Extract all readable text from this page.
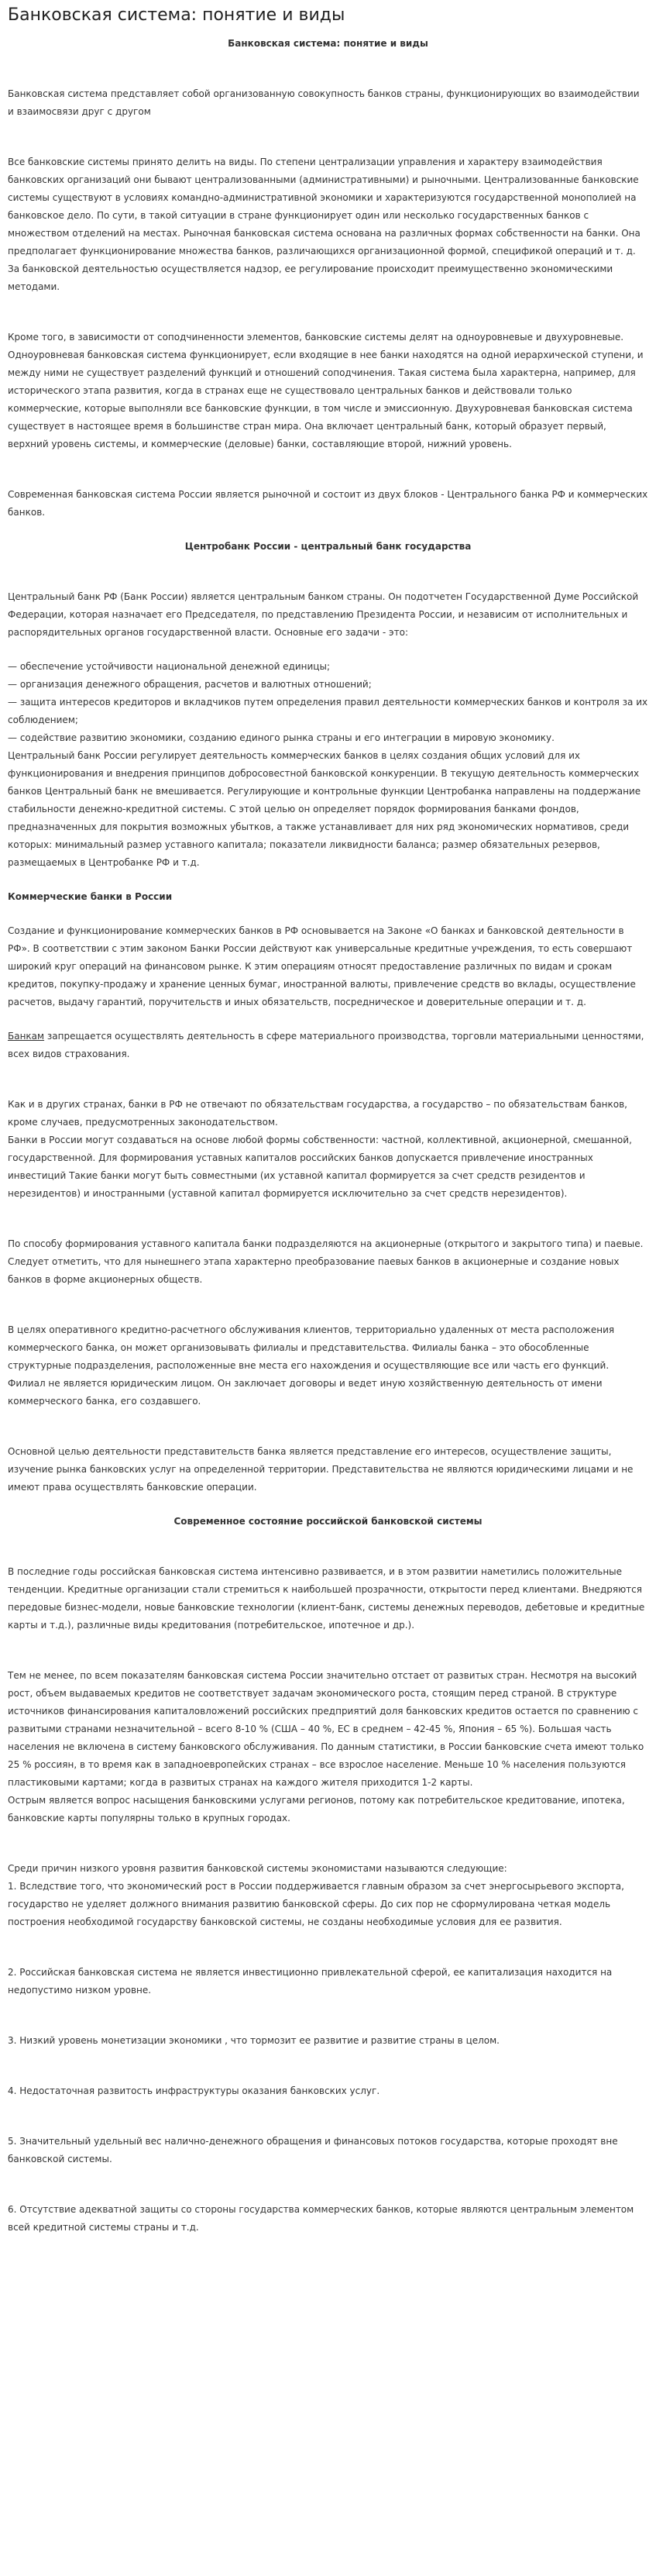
Банковская система: понятие и виды
Банковская система: понятие и виды

Банковская система представляет собой организованную совокупность банков страны, функционирующих во взаимодействии и взаимосвязи друг с другом

Все банковские системы принято делить на виды. По степени централизации управления и характеру взаимодействия банковских организаций они бывают централизованными (административными) и рыночными. Централизованные банковские системы существуют в условиях командно-административной экономики и характеризуются государственной монополией на банковское дело. По сути, в такой ситуации в стране функционирует один или несколько государственных банков с множеством отделений на местах. Рыночная банковская система основана на различных формах собственности на банки. Она предполагает функционирование множества банков, различающихся организационной формой, спецификой операций и т. д. За банковской деятельностью осуществляется надзор, ее регулирование происходит преимущественно экономическими методами.

Кроме того, в зависимости от соподчиненности элементов, банковские системы делят на одноуровневые и двухуровневые. Одноуровневая банковская система функционирует, если входящие в нее банки находятся на одной иерархической ступени, и между ними не существует разделений функций и отношений соподчинения. Такая система была характерна, например, для исторического этапа развития, когда в странах еще не существовало центральных банков и действовали только коммерческие, которые выполняли все банковские функции, в том числе и эмиссионную. Двухуровневая банковская система существует в настоящее время в большинстве стран мира. Она включает центральный банк, который образует первый, верхний уровень системы, и коммерческие (деловые) банки, составляющие второй, нижний уровень.

Современная банковская система России является рыночной и состоит из двух блоков - Центрального банка РФ и коммерческих банков.

Центробанк России - центральный банк государства

Центральный банк РФ (Банк России) является центральным банком страны. Он подотчетен Государственной Думе Российской Федерации, которая назначает его Председателя, по представлению Президента России, и независим от исполнительных и распорядительных органов государственной власти. Основные его задачи - это:

— обеспечение устойчивости национальной денежной единицы;

— организация денежного обращения, расчетов и валютных отношений;

— защита интересов кредиторов и вкладчиков путем определения правил деятельности коммерческих банков и контроля за их соблюдением;

— содействие развитию экономики, созданию единого рынка страны и его интеграции в мировую экономику.

Центральный банк России регулирует деятельность коммерческих банков в целях создания общих условий для их функционирования и внедрения принципов добросовестной банковской конкуренции. В текущую деятельность коммерческих банков Центральный банк не вмешивается. Регулирующие и контрольные функции Центробанка направлены на поддержание стабильности денежно-кредитной системы. С этой целью он определяет порядок формирования банками фондов, предназначенных для покрытия возможных убытков, а также устанавливает для них ряд экономических нормативов, среди которых: минимальный размер уставного капитала; показатели ликвидности баланса; размер обязательных резервов, размещаемых в Центробанке РФ и т.д.

Коммерческие банки в России

Создание и функционирование коммерческих банков в РФ основывается на Законе «О банках и банковской деятельности в РФ». В соответствии с этим законом Банки России действуют как универсальные кредитные учреждения, то есть совершают широкий круг операций на финансовом рынке. К этим операциям относят предоставление различных по видам и срокам кредитов, покупку-продажу и хранение ценных бумаг, иностранной валюты, привлечение средств во вклады, осуществление расчетов, выдачу гарантий, поручительств и иных обязательств, посредническое и доверительные операции и т. д.

Банкам запрещается осуществлять деятельность в сфере материального производства, торговли материальными ценностями, всех видов страхования.

Как и в других странах, банки в РФ не отвечают по обязательствам государства, а государство – по обязательствам банков, кроме случаев, предусмотренных законодательством.

Банки в России могут создаваться на основе любой формы собственности: частной, коллективной, акционерной, смешанной, государственной. Для формирования уставных капиталов российских банков допускается привлечение иностранных инвестиций Такие банки могут быть совместными (их уставной капитал формируется за счет средств резидентов и нерезидентов) и иностранными (уставной капитал формируется исключительно за счет средств нерезидентов).

По способу формирования уставного капитала банки подразделяются на акционерные (открытого и закрытого типа) и паевые. Следует отметить, что для нынешнего этапа характерно преобразование паевых банков в акционерные и создание новых банков в форме акционерных обществ.

В целях оперативного кредитно-расчетного обслуживания клиентов, территориально удаленных от места расположения коммерческого банка, он может организовывать филиалы и представительства. Филиалы банка – это обособленные структурные подразделения, расположенные вне места его нахождения и осуществляющие все или часть его функций. Филиал не является юридическим лицом. Он заключает договоры и ведет иную хозяйственную деятельность от имени коммерческого банка, его создавшего.

Основной целью деятельности представительств банка является представление его интересов, осуществление защиты, изучение рынка банковских услуг на определенной территории. Представительства не являются юридическими лицами и не имеют права осуществлять банковские операции.

Современное состояние российской банковской системы

В последние годы российская банковская система интенсивно развивается, и в этом развитии наметились положительные тенденции. Кредитные организации стали стремиться к наибольшей прозрачности, открытости перед клиентами. Внедряются передовые бизнес-модели, новые банковские технологии (клиент-банк, системы денежных переводов, дебетовые и кредитные карты и т.д.), различные виды кредитования (потребительское, ипотечное и др.).

Тем не менее, по всем показателям банковская система России значительно отстает от развитых стран. Несмотря на высокий рост, объем выдаваемых кредитов не соответствует задачам экономического роста, стоящим перед страной. В структуре источников финансирования капиталовложений российских предприятий доля банковских кредитов остается по сравнению с развитыми странами незначительной – всего 8-10 % (США – 40 %, ЕС в среднем – 42-45 %, Япония – 65 %). Большая часть населения не включена в систему банковского обслуживания. По данным статистики, в России банковские счета имеют только 25 % россиян, в то время как в западноевропейских странах – все взрослое население. Меньше 10 % населения пользуются пластиковыми картами; когда в развитых странах на каждого жителя приходится 1-2 карты.

Острым является вопрос насыщения банковскими услугами регионов, потому как потребительское кредитование, ипотека, банковские карты популярны только в крупных городах.

Среди причин низкого уровня развития банковской системы экономистами называются следующие:

1. Вследствие того, что экономический рост в России поддерживается главным образом за счет энергосырьевого экспорта, государство не уделяет должного внимания развитию банковской сферы. До сих пор не сформулирована четкая модель построения необходимой государству банковской системы, не созданы необходимые условия для ее развития.

2. Российская банковская система не является инвестиционно привлекательной сферой, ее капитализация находится на недопустимо низком уровне.

3. Низкий уровень монетизации экономики , что тормозит ее развитие и развитие страны в целом.

4. Недостаточная развитость инфраструктуры оказания банковских услуг.

5. Значительный удельный вес налично-денежного обращения и финансовых потоков государства, которые проходят вне банковской системы.

6. Отсутствие адекватной защиты со стороны государства коммерческих банков, которые являются центральным элементом всей кредитной системы страны и т.д.
